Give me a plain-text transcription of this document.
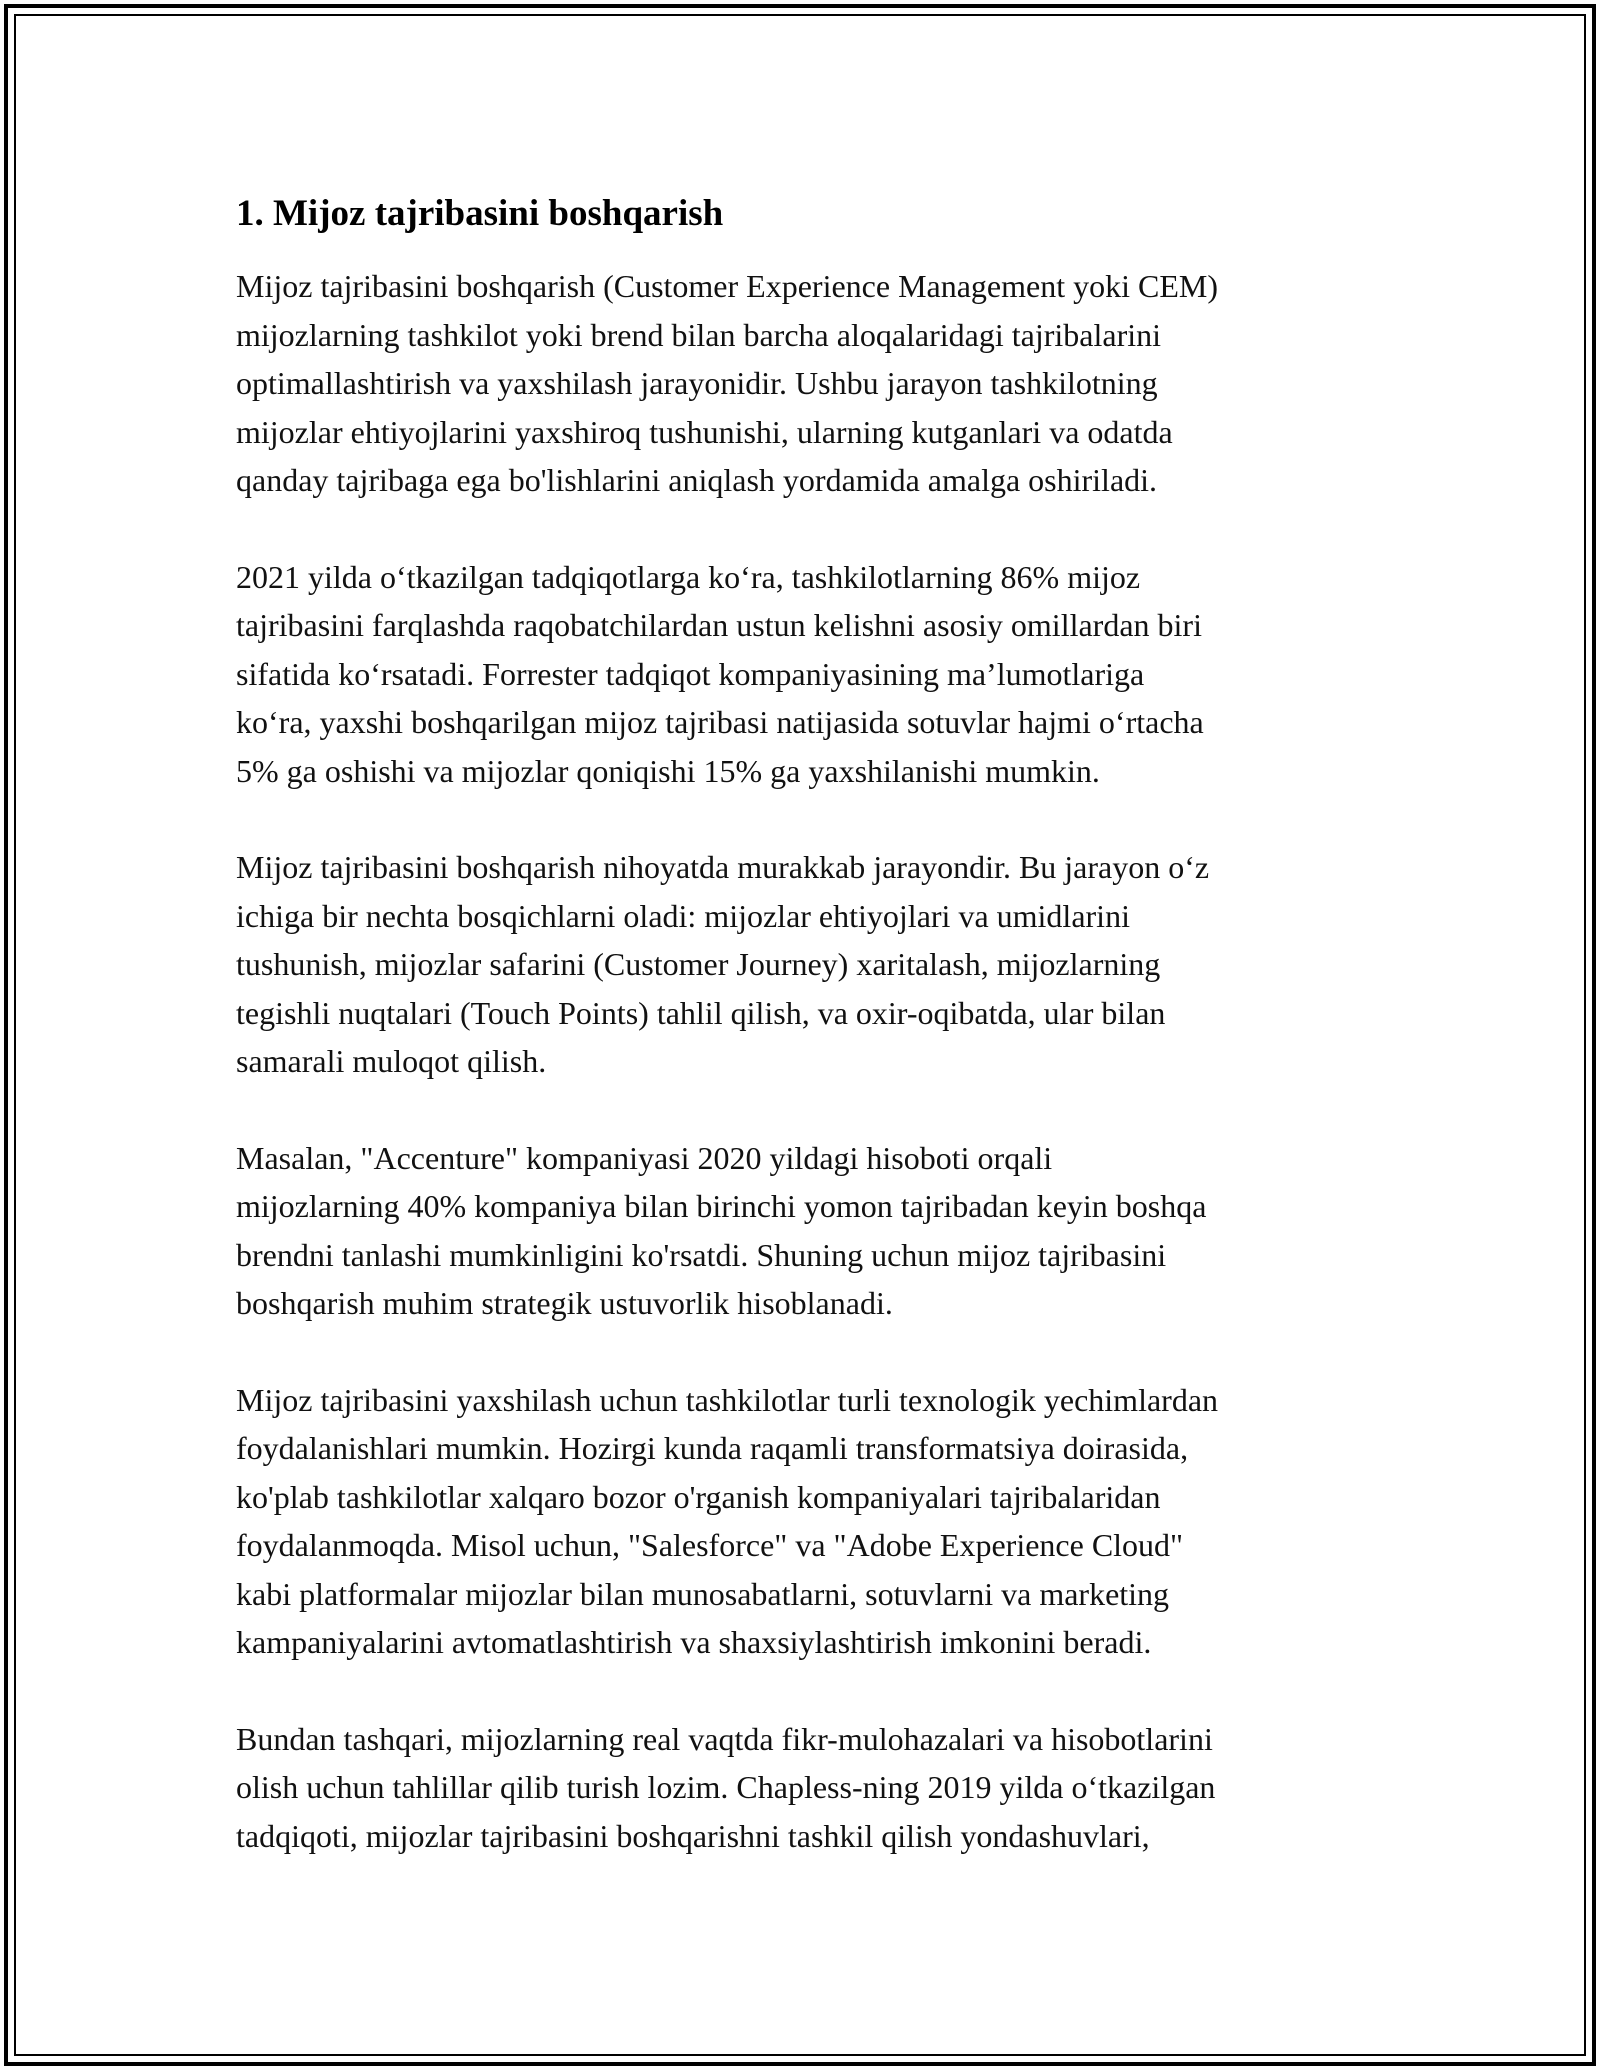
1. Mijoz tajribasini boshqarish

Mijoz tajribasini boshqarish (Customer Experience Management yoki CEM)
mijozlarning tashkilot yoki brend bilan barcha aloqalaridagi tajribalarini
optimallashtirish va yaxshilash jarayonidir. Ushbu jarayon tashkilotning
mijozlar ehtiyojlarini yaxshiroq tushunishi, ularning kutganlari va odatda
qanday tajribaga ega bo'lishlarini aniqlash yordamida amalga oshiriladi.

2021 yilda oʻtkazilgan tadqiqotlarga koʻra, tashkilotlarning 86% mijoz
tajribasini farqlashda raqobatchilardan ustun kelishni asosiy omillardan biri
sifatida koʻrsatadi. Forrester tadqiqot kompaniyasining maʼlumotlariga
koʻra, yaxshi boshqarilgan mijoz tajribasi natijasida sotuvlar hajmi oʻrtacha
5% ga oshishi va mijozlar qoniqishi 15% ga yaxshilanishi mumkin.

Mijoz tajribasini boshqarish nihoyatda murakkab jarayondir. Bu jarayon oʻz
ichiga bir nechta bosqichlarni oladi: mijozlar ehtiyojlari va umidlarini
tushunish, mijozlar safarini (Customer Journey) xaritalash, mijozlarning
tegishli nuqtalari (Touch Points) tahlil qilish, va oxir-oqibatda, ular bilan
samarali muloqot qilish.

Masalan, "Accenture" kompaniyasi 2020 yildagi hisoboti orqali
mijozlarning 40% kompaniya bilan birinchi yomon tajribadan keyin boshqa
brendni tanlashi mumkinligini ko'rsatdi. Shuning uchun mijoz tajribasini
boshqarish muhim strategik ustuvorlik hisoblanadi.

Mijoz tajribasini yaxshilash uchun tashkilotlar turli texnologik yechimlardan
foydalanishlari mumkin. Hozirgi kunda raqamli transformatsiya doirasida,
ko'plab tashkilotlar xalqaro bozor o'rganish kompaniyalari tajribalaridan
foydalanmoqda. Misol uchun, "Salesforce" va "Adobe Experience Cloud"
kabi platformalar mijozlar bilan munosabatlarni, sotuvlarni va marketing
kampaniyalarini avtomatlashtirish va shaxsiylashtirish imkonini beradi.

Bundan tashqari, mijozlarning real vaqtda fikr-mulohazalari va hisobotlarini
olish uchun tahlillar qilib turish lozim. Chapless-ning 2019 yilda oʻtkazilgan
tadqiqoti, mijozlar tajribasini boshqarishni tashkil qilish yondashuvlari,
